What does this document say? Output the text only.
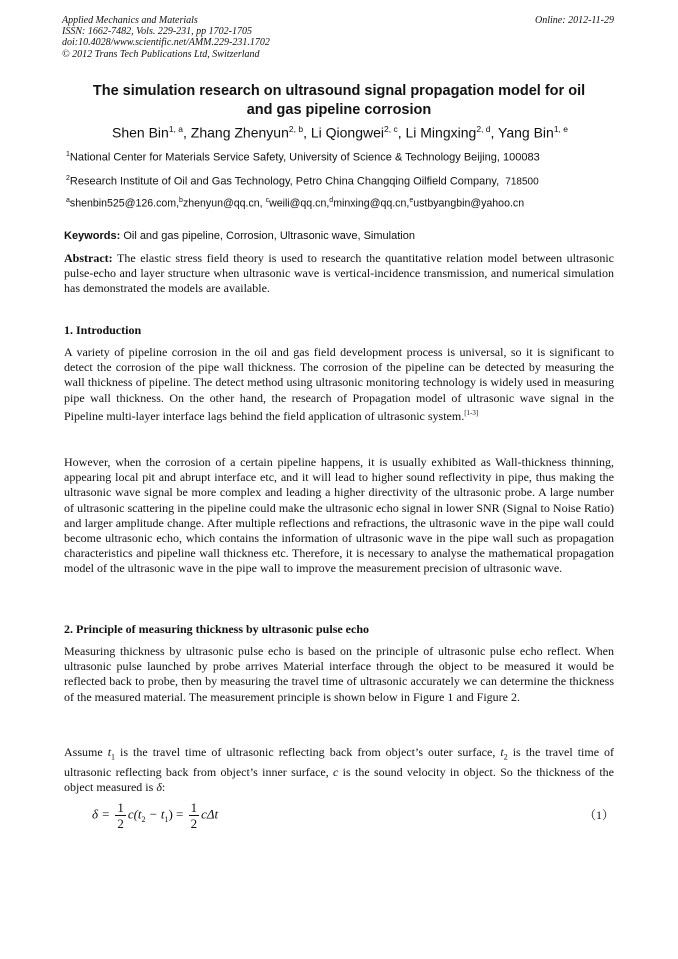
Applied Mechanics and Materials
ISSN: 1662-7482, Vols. 229-231, pp 1702-1705
doi:10.4028/www.scientific.net/AMM.229-231.1702
© 2012 Trans Tech Publications Ltd, Switzerland
Online: 2012-11-29
The simulation research on ultrasound signal propagation model for oil
and gas pipeline corrosion
Shen Bin$^{1, a}$, Zhang Zhenyun$^{2, b}$, Li Qiongwei$^{2, c}$, Li Mingxing$^{2, d}$, Yang Bin$^{1, e}$
$^1$National Center for Materials Service Safety, University of Science & Technology Beijing, 100083
$^2$Research Institute of Oil and Gas Technology, Petro China Changqing Oilfield Company, 718500
$^a$shenbin525@126.com,$^b$zhenyun@qq.cn, $^c$weili@qq.cn,$^d$minxing@qq.cn,$^e$ustbyangbin@yahoo.cn
Keywords: Oil and gas pipeline, Corrosion, Ultrasonic wave, Simulation
Abstract: The elastic stress field theory is used to research the quantitative relation model between ultrasonic pulse-echo and layer structure when ultrasonic wave is vertical-incidence transmission, and numerical simulation has demonstrated the models are available.
1. Introduction
A variety of pipeline corrosion in the oil and gas field development process is universal, so it is significant to detect the corrosion of the pipe wall thickness. The corrosion of the pipeline can be detected by measuring the wall thickness of pipeline. The detect method using ultrasonic monitoring technology is widely used in measuring pipe wall thickness. On the other hand, the research of Propagation model of ultrasonic wave signal in the Pipeline multi-layer interface lags behind the field application of ultrasonic system.[1-3]
However, when the corrosion of a certain pipeline happens, it is usually exhibited as Wall-thickness thinning, appearing local pit and abrupt interface etc, and it will lead to higher sound reflectivity in pipe, thus making the ultrasonic wave signal be more complex and leading a higher directivity of the ultrasonic probe. A large number of ultrasonic scattering in the pipeline could make the ultrasonic echo signal in lower SNR (Signal to Noise Ratio) and larger amplitude change. After multiple reflections and refractions, the ultrasonic wave in the pipe wall could become ultrasonic echo, which contains the information of ultrasonic wave in the pipe wall such as propagation characteristics and pipeline wall thickness etc. Therefore, it is necessary to analyse the mathematical propagation model of the ultrasonic wave in the pipe wall to improve the measurement precision of ultrasonic wave.
2. Principle of measuring thickness by ultrasonic pulse echo
Measuring thickness by ultrasonic pulse echo is based on the principle of ultrasonic pulse echo reflect. When ultrasonic pulse launched by probe arrives Material interface through the object to be measured it would be reflected back to probe, then by measuring the travel time of ultrasonic accurately we can determine the thickness of the measured material. The measurement principle is shown below in Figure 1 and Figure 2.
Assume $t_1$ is the travel time of ultrasonic reflecting back from object’s outer surface, $t_2$ is the travel time of ultrasonic reflecting back from object’s inner surface, c is the sound velocity in object. So the thickness of the object measured is δ:
$\delta = \frac{1}{2} c(t_2 - t_1) = \frac{1}{2}$ cΔt	（1）
